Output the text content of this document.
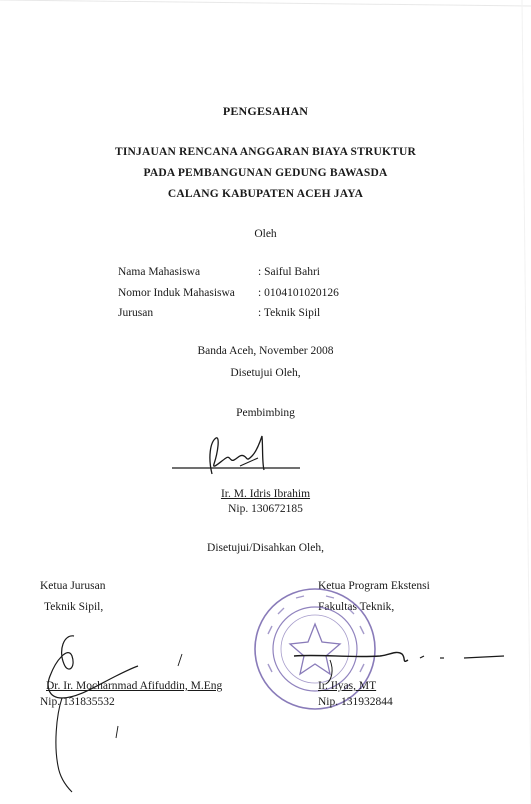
PENGESAHAN
TINJAUAN RENCANA ANGGARAN BIAYA STRUKTUR
PADA PEMBANGUNAN GEDUNG BAWASDA
CALANG KABUPATEN ACEH JAYA
Oleh
Nama Mahasiswa	: Saiful Bahri
Nomor Induk Mahasiswa : 0104101020126
Jurusan	: Teknik Sipil
Banda Aceh, November 2008
Disetujui Oleh,
Pembimbing
Ir. M. Idris Ibrahim
Nip. 130672185
Disetujui/Disahkan Oleh,
Ketua Jurusan
Teknik Sipil,
Dr. Ir. Mocharnmad Afifuddin, M.Eng
Nip. 131835532
Ketua Program Ekstensi
Fakultas Teknik,
Ir. Ilyas, MT
Nip. 131932844
